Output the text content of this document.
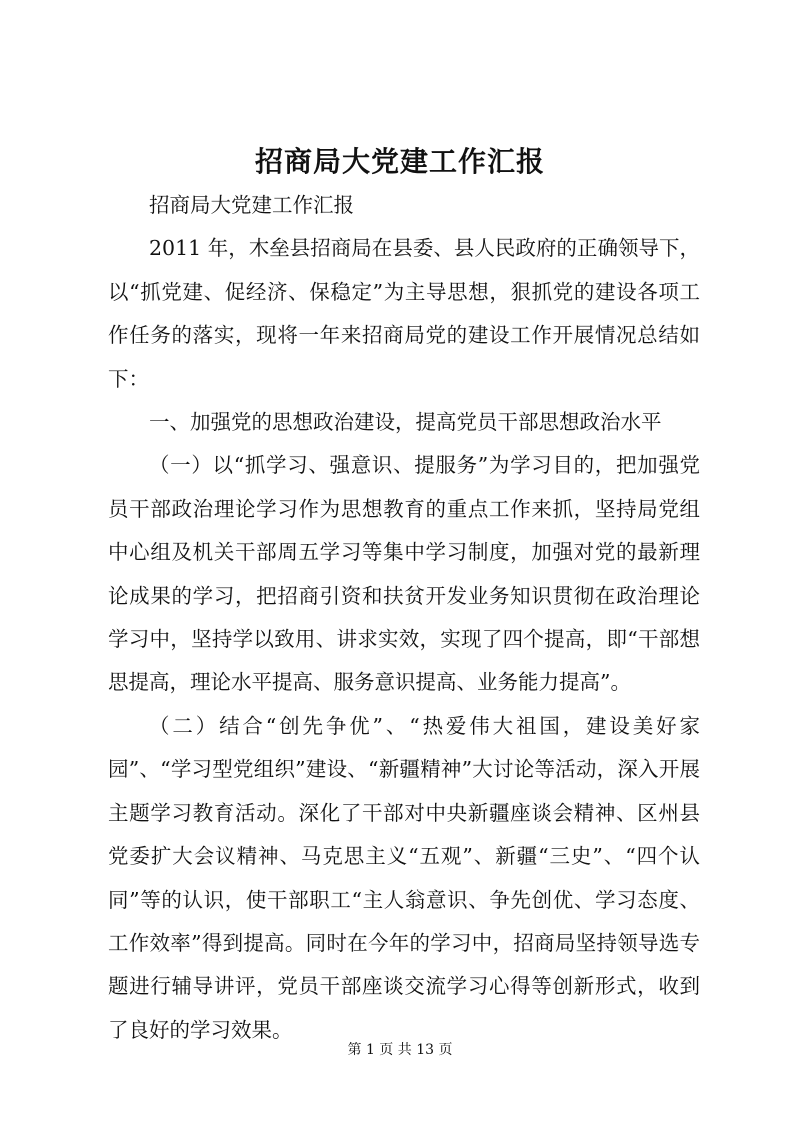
招商局大党建工作汇报

招商局大党建工作汇报

2011 年，木垒县招商局在县委、县人民政府的正确领导下，以“抓党建、促经济、保稳定”为主导思想，狠抓党的建设各项工作任务的落实，现将一年来招商局党的建设工作开展情况总结如下：

一、加强党的思想政治建设，提高党员干部思想政治水平

（一）以“抓学习、强意识、提服务”为学习目的，把加强党员干部政治理论学习作为思想教育的重点工作来抓，坚持局党组中心组及机关干部周五学习等集中学习制度，加强对党的最新理论成果的学习，把招商引资和扶贫开发业务知识贯彻在政治理论学习中，坚持学以致用、讲求实效，实现了四个提高，即“干部想思提高，理论水平提高、服务意识提高、业务能力提高”。

（二）结合“创先争优”、“热爱伟大祖国，建设美好家园”、“学习型党组织”建设、“新疆精神”大讨论等活动，深入开展主题学习教育活动。深化了干部对中央新疆座谈会精神、区州县党委扩大会议精神、马克思主义“五观”、新疆“三史”、“四个认同”等的认识，使干部职工“主人翁意识、争先创优、学习态度、工作效率”得到提高。同时在今年的学习中，招商局坚持领导选专题进行辅导讲评，党员干部座谈交流学习心得等创新形式，收到了良好的学习效果。

第 1 页 共 13 页
